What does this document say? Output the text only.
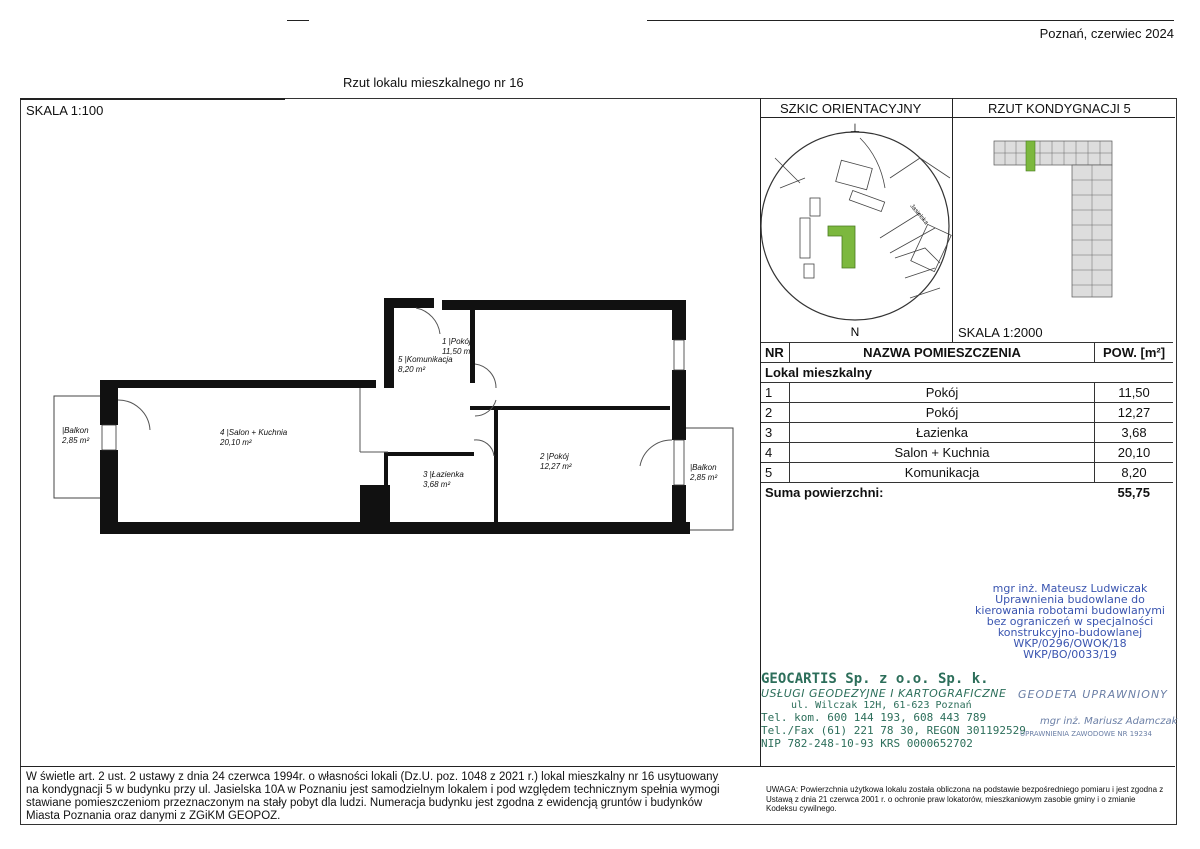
Poznań, czerwiec 2024
Rzut lokalu mieszkalnego nr 16
SKALA 1:100	SZKIC ORIENTACYJNY	RZUT KONDYGNACJI 5
⊥
N
Jasielska
SKALA 1:2000
NR	NAZWA POMIESZCZENIA	POW. [m²]
Lokal mieszkalny		
1	Pokój	11,50
2	Pokój	12,27
3	Łazienka	3,68
4	Salon + Kuchnia	20,10
5	Komunikacja	8,20
Suma powierzchni:		55,75
1 |Pokój
11,50 m²
5 |Komunikacja
8,20 m²
4 |Salon + Kuchnia
20,10 m²
2 |Pokój
12,27 m²
3 |Łazienka
3,68 m²
|Balkon
2,85 m²
|Balkon
2,85 m²
mgr inż. Mateusz Ludwiczak
Uprawnienia budowlane do
kierowania robotami budowlanymi
bez ograniczeń w specjalności
konstrukcyjno-budowlanej
WKP/0296/OWOK/18
WKP/BO/0033/19
GEOCARTIS Sp. z o.o. Sp. k.
USŁUGI GEODEZYJNE I KARTOGRAFICZNE
ul. Wilczak 12H, 61-623 Poznań
Tel. kom. 600 144 193, 608 443 789
Tel./Fax (61) 221 78 30, REGON 301192529
NIP 782-248-10-93 KRS 0000652702
GEODETA UPRAWNIONY
mgr inż. Mariusz Adamczak
UPRAWNIENIA ZAWODOWE NR 19234
W świetle art. 2 ust. 2 ustawy z dnia 24 czerwca 1994r. o własności lokali (Dz.U. poz. 1048 z 2021 r.) lokal mieszkalny nr 16 usytuowany na kondygnacji 5 w budynku przy ul. Jasielska 10A w Poznaniu jest samodzielnym lokalem i pod względem technicznym spełnia wymogi stawiane pomieszczeniom przeznaczonym na stały pobyt dla ludzi. Numeracja budynku jest zgodna z ewidencją gruntów i budynków Miasta Poznania oraz danymi z ZGiKM GEOPOZ.
UWAGA: Powierzchnia użytkowa lokalu została obliczona na podstawie bezpośredniego pomiaru i jest zgodna z Ustawą z dnia 21 czerwca 2001 r. o ochronie praw lokatorów, mieszkaniowym zasobie gminy i o zmianie Kodeksu cywilnego.
